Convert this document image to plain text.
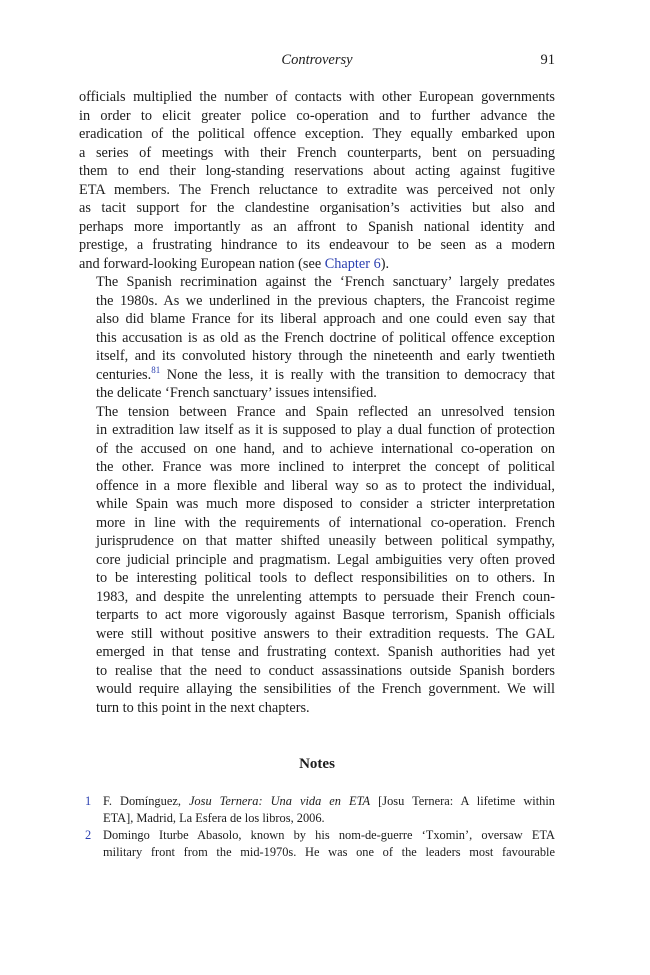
Controversy	91

officials multiplied the number of contacts with other European governments
in order to elicit greater police co-operation and to further advance the
eradication of the political offence exception. They equally embarked upon
a series of meetings with their French counterparts, bent on persuading
them to end their long-standing reservations about acting against fugitive
ETA members. The French reluctance to extradite was perceived not only
as tacit support for the clandestine organisation’s activities but also and
perhaps more importantly as an affront to Spanish national identity and
prestige, a frustrating hindrance to its endeavour to be seen as a modern
and forward-looking European nation (see Chapter 6).

The Spanish recrimination against the ‘French sanctuary’ largely predates
the 1980s. As we underlined in the previous chapters, the Francoist regime
also did blame France for its liberal approach and one could even say that
this accusation is as old as the French doctrine of political offence exception
itself, and its convoluted history through the nineteenth and early twentieth
centuries.$^{81}$ None the less, it is really with the transition to democracy that
the delicate ‘French sanctuary’ issues intensified.

The tension between France and Spain reflected an unresolved tension
in extradition law itself as it is supposed to play a dual function of protection
of the accused on one hand, and to achieve international co-operation on
the other. France was more inclined to interpret the concept of political
offence in a more flexible and liberal way so as to protect the individual,
while Spain was much more disposed to consider a stricter interpretation
more in line with the requirements of international co-operation. French
jurisprudence on that matter shifted uneasily between political sympathy,
core judicial principle and pragmatism. Legal ambiguities very often proved
to be interesting political tools to deflect responsibilities on to others. In
1983, and despite the unrelenting attempts to persuade their French coun-
terparts to act more vigorously against Basque terrorism, Spanish officials
were still without positive answers to their extradition requests. The GAL
emerged in that tense and frustrating context. Spanish authorities had yet
to realise that the need to conduct assassinations outside Spanish borders
would require allaying the sensibilities of the French government. We will
turn to this point in the next chapters.

Notes
1 F. Domínguez, Josu Ternera: Una vida en ETA [Josu Ternera: A lifetime within
ETA], Madrid, La Esfera de los libros, 2006.
2 Domingo Iturbe Abasolo, known by his nom-de-guerre ‘Txomin’, oversaw ETA
military front from the mid-1970s. He was one of the leaders most favourable
